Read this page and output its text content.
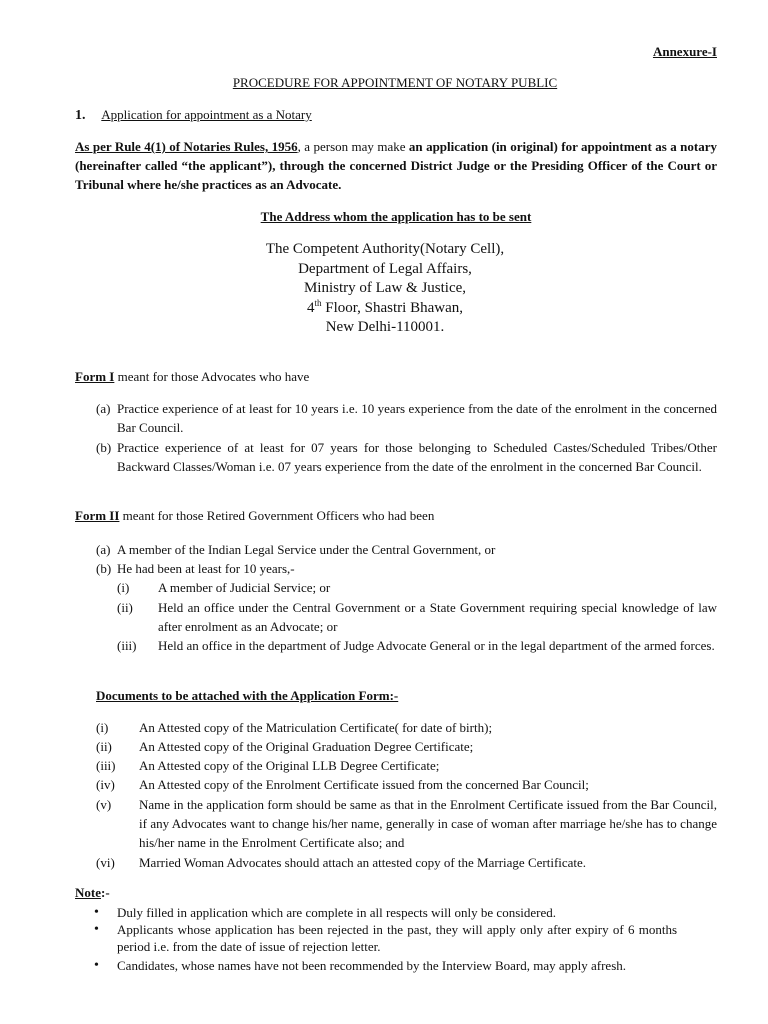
Annexure-I
PROCEDURE FOR APPOINTMENT OF NOTARY PUBLIC
1. Application for appointment as a Notary
As per Rule 4(1) of Notaries Rules, 1956, a person may make an application (in original) for appointment as a notary (hereinafter called “the applicant”), through the concerned District Judge or the Presiding Officer of the Court or Tribunal where he/she practices as an Advocate.
The Address whom the application has to be sent
The Competent Authority(Notary Cell),
Department of Legal Affairs,
Ministry of Law & Justice,
4th Floor, Shastri Bhawan,
New Delhi-110001.
Form I meant for those Advocates who have
(a) Practice experience of at least for 10 years i.e. 10 years experience from the date of the enrolment in the concerned Bar Council.
(b) Practice experience of at least for 07 years for those belonging to Scheduled Castes/Scheduled Tribes/Other Backward Classes/Woman i.e. 07 years experience from the date of the enrolment in the concerned Bar Council.
Form II meant for those Retired Government Officers who had been
(a) A member of the Indian Legal Service under the Central Government, or
(b) He had been at least for 10 years,-
(i) A member of Judicial Service; or
(ii) Held an office under the Central Government or a State Government requiring special knowledge of law after enrolment as an Advocate; or
(iii) Held an office in the department of Judge Advocate General or in the legal department of the armed forces.
Documents to be attached with the Application Form:-
(i) An Attested copy of the Matriculation Certificate( for date of birth);
(ii) An Attested copy of the Original Graduation Degree Certificate;
(iii) An Attested copy of the Original LLB Degree Certificate;
(iv) An Attested copy of the Enrolment Certificate issued from the concerned Bar Council;
(v) Name in the application form should be same as that in the Enrolment Certificate issued from the Bar Council, if any Advocates want to change his/her name, generally in case of woman after marriage he/she has to change his/her name in the Enrolment Certificate also; and
(vi) Married Woman Advocates should attach an attested copy of the Marriage Certificate.
Note:-
• Duly filled in application which are complete in all respects will only be considered.
• Applicants whose application has been rejected in the past, they will apply only after expiry of 6 months period i.e. from the date of issue of rejection letter.
• Candidates, whose names have not been recommended by the Interview Board, may apply afresh.
